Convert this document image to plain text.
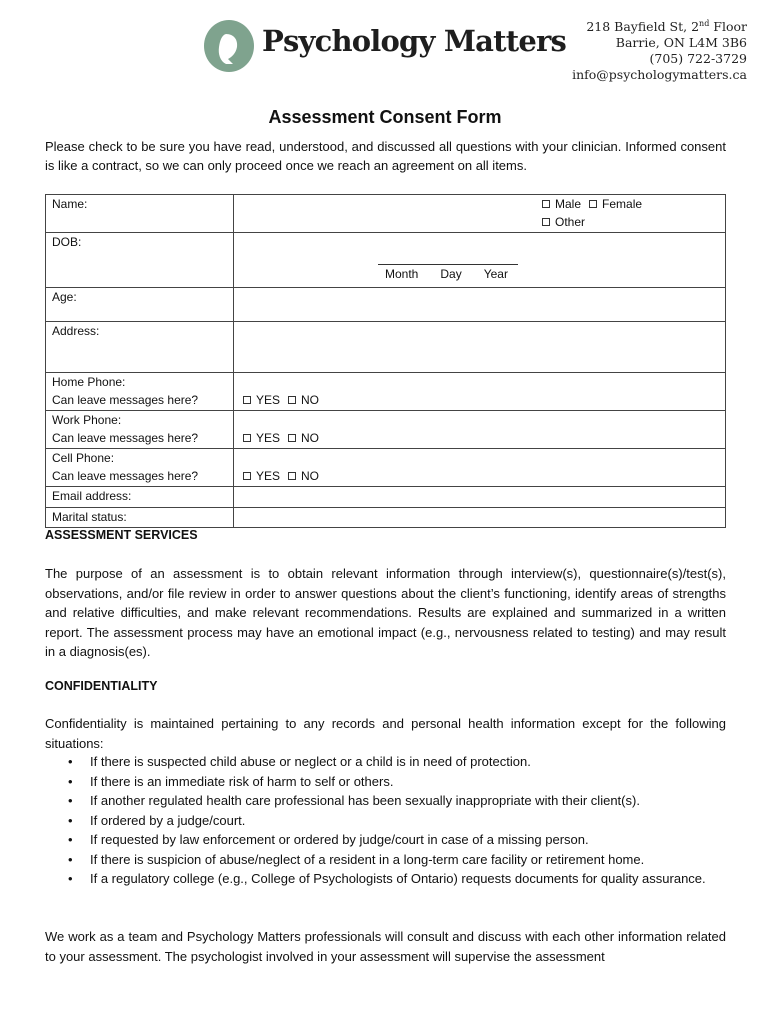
Psychology Matters	218 Bayfield St, 2nd Floor
Barrie, ON L4M 3B6
(705) 722-3729
info@psychologymatters.ca
Assessment Consent Form
Please check to be sure you have read, understood, and discussed all questions with your clinician. Informed consent is like a contract, so we can only proceed once we reach an agreement on all items.
Name:	Male Female
Other

DOB:	Month Day Year

Age:	
Address:	

Home Phone:
Can leave messages here?	YES NO

Work Phone:
Can leave messages here?	YES NO

Cell Phone:
Can leave messages here?	YES NO

Email address:	
Marital status:	
ASSESSMENT SERVICES
The purpose of an assessment is to obtain relevant information through interview(s), questionnaire(s)/test(s), observations, and/or file review in order to answer questions about the client’s functioning, identify areas of strengths and relative difficulties, and make relevant recommendations. Results are explained and summarized in a written report. The assessment process may have an emotional impact (e.g., nervousness related to testing) and may result in a diagnosis(es).
CONFIDENTIALITY
Confidentiality is maintained pertaining to any records and personal health information except for the following situations:
• If there is suspected child abuse or neglect or a child is in need of protection.
• If there is an immediate risk of harm to self or others.
• If another regulated health care professional has been sexually inappropriate with their client(s).
• If ordered by a judge/court.
• If requested by law enforcement or ordered by judge/court in case of a missing person.
• If there is suspicion of abuse/neglect of a resident in a long-term care facility or retirement home.
• If a regulatory college (e.g., College of Psychologists of Ontario) requests documents for quality assurance.
We work as a team and Psychology Matters professionals will consult and discuss with each other information related to your assessment. The psychologist involved in your assessment will supervise the assessment
